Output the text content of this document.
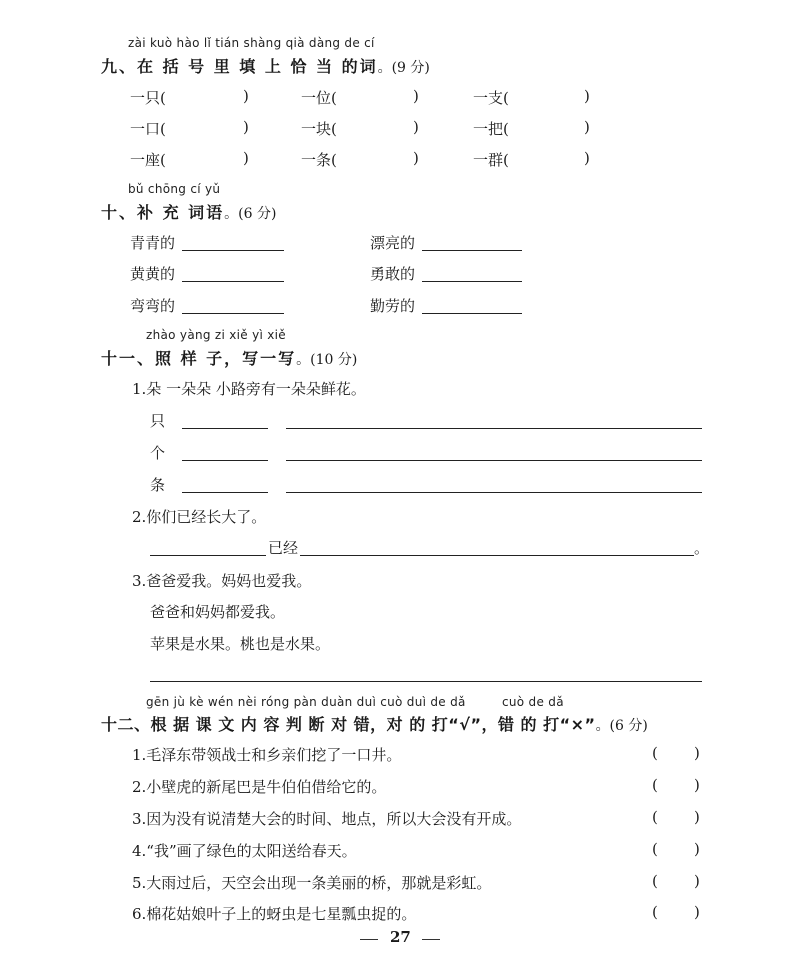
zài kuò hào lǐ tián shàng qià dàng de cí
九、在 括 号 里 填 上 恰 当 的词。(9 分)
一只(	)	一位(	)	一支(	)
一口(	)	一块(	)	一把(	)
一座(	)	一条(	)	一群(	)
bǔ chōng cí yǔ
十、补 充 词语。(6 分)
青青的	漂亮的
黄黄的	勇敢的
弯弯的	勤劳的
zhào yàng zi xiě yì xiě
十一、照 样 子，写一写。(10 分)
1.朵 一朵朵 小路旁有一朵朵鲜花。
只
个
条
2.你们已经长大了。
已经	。
3.爸爸爱我。妈妈也爱我。
爸爸和妈妈都爱我。
苹果是水果。桃也是水果。
gēn jù kè wén nèi róng pàn duàn duì cuò duì de dǎ	cuò de dǎ
十二、根 据 课 文 内 容 判 断 对 错，对 的 打“√”，错 的 打“×”。(6 分)
1.毛泽东带领战士和乡亲们挖了一口井。	( )
2.小壁虎的新尾巴是牛伯伯借给它的。	( )
3.因为没有说清楚大会的时间、地点，所以大会没有开成。	( )
4.“我”画了绿色的太阳送给春天。	( )
5.大雨过后，天空会出现一条美丽的桥，那就是彩虹。	( )
6.棉花姑娘叶子上的蚜虫是七星瓢虫捉的。	( )
27
